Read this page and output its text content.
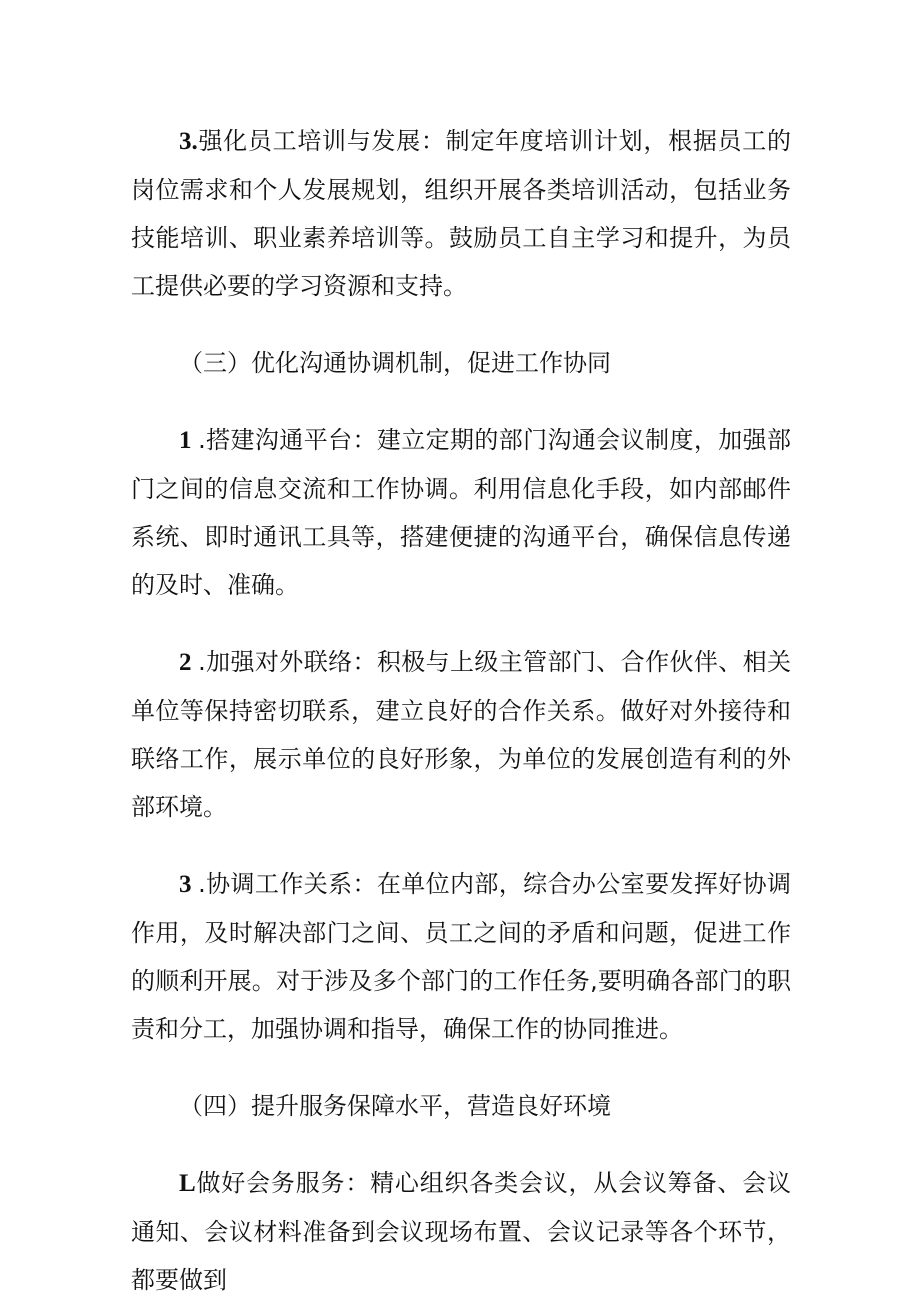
3.强化员工培训与发展：制定年度培训计划，根据员工的岗位需求和个人发展规划，组织开展各类培训活动，包括业务技能培训、职业素养培训等。鼓励员工自主学习和提升，为员工提供必要的学习资源和支持。

（三）优化沟通协调机制，促进工作协同

1 .搭建沟通平台：建立定期的部门沟通会议制度，加强部门之间的信息交流和工作协调。利用信息化手段，如内部邮件系统、即时通讯工具等，搭建便捷的沟通平台，确保信息传递的及时、准确。

2 .加强对外联络：积极与上级主管部门、合作伙伴、相关单位等保持密切联系，建立良好的合作关系。做好对外接待和联络工作，展示单位的良好形象，为单位的发展创造有利的外部环境。

3 .协调工作关系：在单位内部，综合办公室要发挥好协调作用，及时解决部门之间、员工之间的矛盾和问题，促进工作的顺利开展。对于涉及多个部门的工作任务,要明确各部门的职责和分工，加强协调和指导，确保工作的协同推进。

（四）提升服务保障水平，营造良好环境

L做好会务服务：精心组织各类会议，从会议筹备、会议通知、会议材料准备到会议现场布置、会议记录等各个环节，都要做到
